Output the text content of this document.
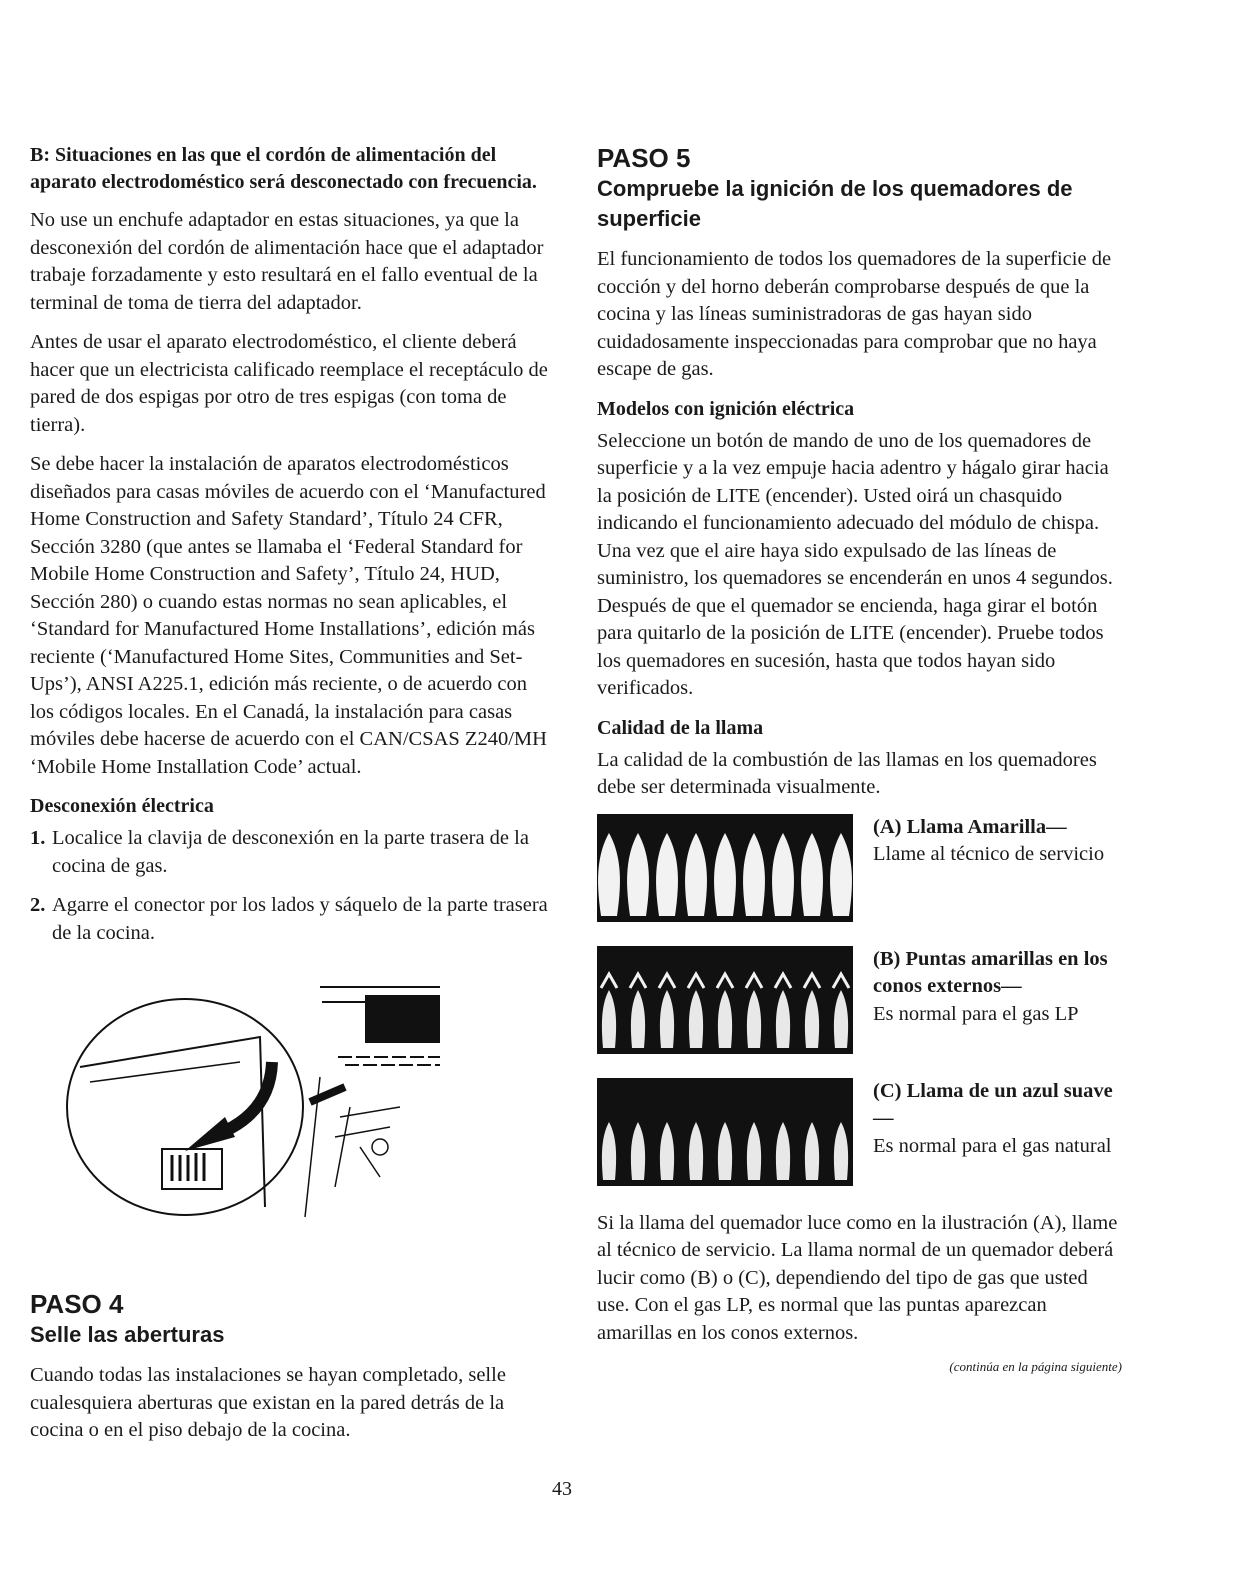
B: Situaciones en las que el cordón de alimentación del aparato electrodoméstico será desconectado con frecuencia.

No use un enchufe adaptador en estas situaciones, ya que la desconexión del cordón de alimentación hace que el adaptador trabaje forzadamente y esto resultará en el fallo eventual de la terminal de toma de tierra del adaptador.

Antes de usar el aparato electrodoméstico, el cliente deberá hacer que un electricista calificado reemplace el receptáculo de pared de dos espigas por otro de tres espigas (con toma de tierra).

Se debe hacer la instalación de aparatos electrodomésticos diseñados para casas móviles de acuerdo con el ‘Manufactured Home Construction and Safety Standard’, Título 24 CFR, Sección 3280 (que antes se llamaba el ‘Federal Standard for Mobile Home Construction and Safety’, Título 24, HUD, Sección 280) o cuando estas normas no sean aplicables, el ‘Standard for Manufactured Home Installations’, edición más reciente (‘Manufactured Home Sites, Communities and Set-Ups’), ANSI A225.1, edición más reciente, o de acuerdo con los códigos locales. En el Canadá, la instalación para casas móviles debe hacerse de acuerdo con el CAN/CSAS Z240/MH ‘Mobile Home Installation Code’ actual.

Desconexión électrica
1. Localice la clavija de desconexión en la parte trasera de la cocina de gas.
2. Agarre el conector por los lados y sáquelo de la parte trasera de la cocina.
PASO 4
Selle las aberturas

Cuando todas las instalaciones se hayan completado, selle cualesquiera aberturas que existan en la pared detrás de la cocina o en el piso debajo de la cocina.

PASO 5
Compruebe la ignición de los quemadores de superficie

El funcionamiento de todos los quemadores de la superficie de cocción y del horno deberán comprobarse después de que la cocina y las líneas suministradoras de gas hayan sido cuidadosamente inspeccionadas para comprobar que no haya escape de gas.

Modelos con ignición eléctrica

Seleccione un botón de mando de uno de los quemadores de superficie y a la vez empuje hacia adentro y hágalo girar hacia la posición de LITE (encender). Usted oirá un chasquido indicando el funcionamiento adecuado del módulo de chispa. Una vez que el aire haya sido expulsado de las líneas de suministro, los quemadores se encenderán en unos 4 segundos. Después de que el quemador se encienda, haga girar el botón para quitarlo de la posición de LITE (encender). Pruebe todos los quemadores en sucesión, hasta que todos hayan sido verificados.

Calidad de la llama

La calidad de la combustión de las llamas en los quemadores debe ser determinada visualmente.

(A) Llama Amarilla—
Llame al técnico de servicio
(B) Puntas amarillas en los conos externos—
Es normal para el gas LP
(C) Llama de un azul suave—
Es normal para el gas natural

Si la llama del quemador luce como en la ilustración (A), llame al técnico de servicio. La llama normal de un quemador deberá lucir como (B) o (C), dependiendo del tipo de gas que usted use. Con el gas LP, es normal que las puntas aparezcan amarillas en los conos externos.

(continúa en la página siguiente)
43
